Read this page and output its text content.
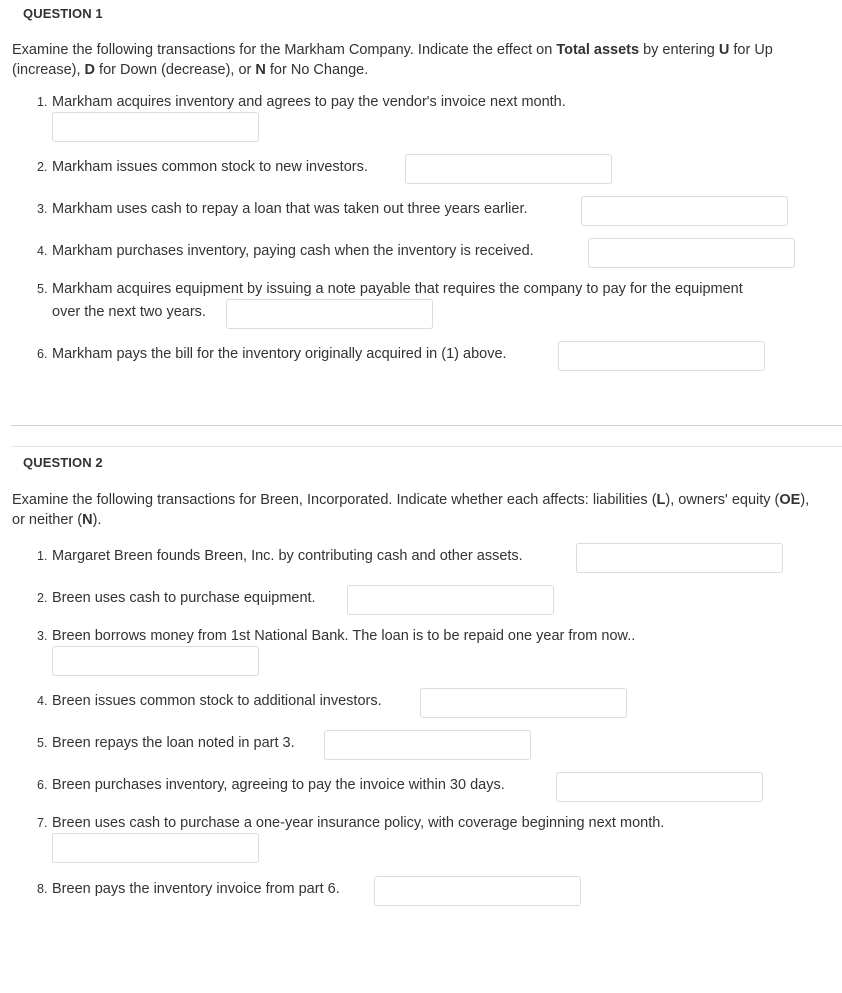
QUESTION 1
Examine the following transactions for the Markham Company. Indicate the effect on Total assets by entering U for Up (increase), D for Down (decrease), or N for No Change.
1. Markham acquires inventory and agrees to pay the vendor's invoice next month.
2. Markham issues common stock to new investors.
3. Markham uses cash to repay a loan that was taken out three years earlier.
4. Markham purchases inventory, paying cash when the inventory is received.
5. Markham acquires equipment by issuing a note payable that requires the company to pay for the equipment
over the next two years.
6. Markham pays the bill for the inventory originally acquired in (1) above.
QUESTION 2
Examine the following transactions for Breen, Incorporated. Indicate whether each affects: liabilities (L), owners' equity (OE), or neither (N).
1. Margaret Breen founds Breen, Inc. by contributing cash and other assets.
2. Breen uses cash to purchase equipment.
3. Breen borrows money from 1st National Bank. The loan is to be repaid one year from now..
4. Breen issues common stock to additional investors.
5. Breen repays the loan noted in part 3.
6. Breen purchases inventory, agreeing to pay the invoice within 30 days.
7. Breen uses cash to purchase a one-year insurance policy, with coverage beginning next month.
8. Breen pays the inventory invoice from part 6.
